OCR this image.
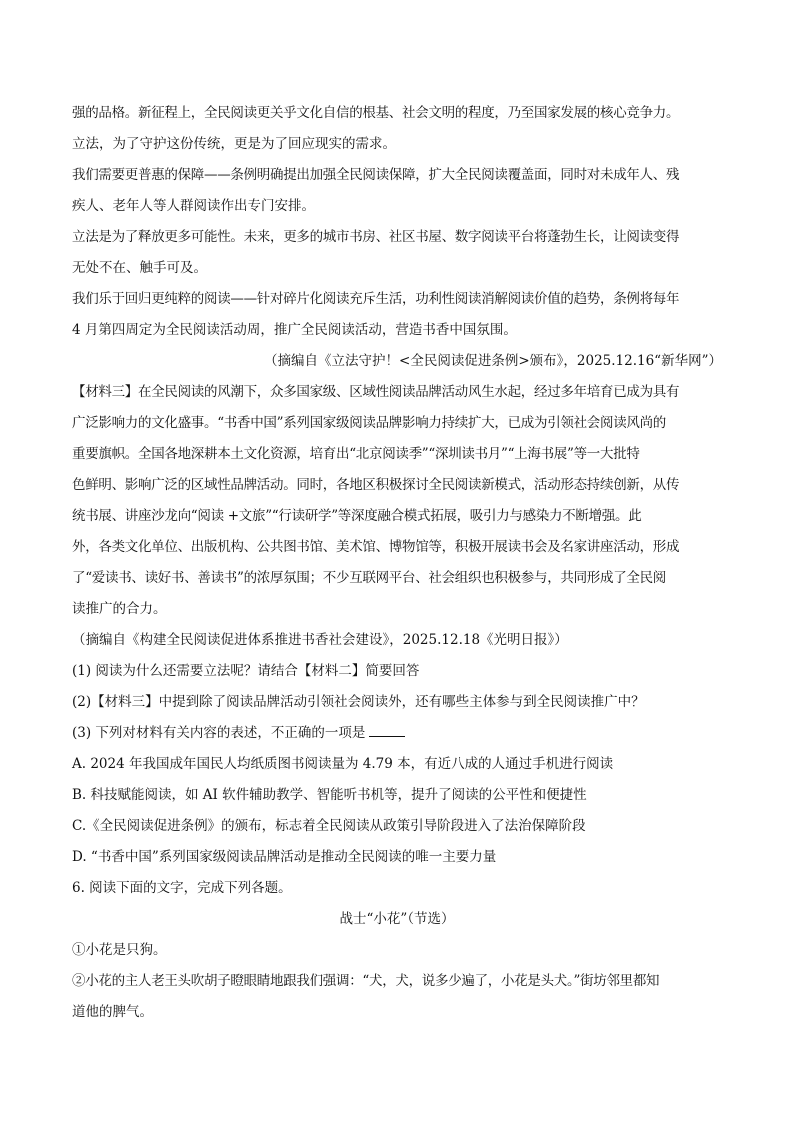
强的品格。新征程上，全民阅读更关乎文化自信的根基、社会文明的程度，乃至国家发展的核心竞争力。
立法，为了守护这份传统，更是为了回应现实的需求。
我们需要更普惠的保障——条例明确提出加强全民阅读保障，扩大全民阅读覆盖面，同时对未成年人、残
疾人、老年人等人群阅读作出专门安排。
立法是为了释放更多可能性。未来，更多的城市书房、社区书屋、数字阅读平台将蓬勃生长，让阅读变得
无处不在、触手可及。
我们乐于回归更纯粹的阅读——针对碎片化阅读充斥生活，功利性阅读消解阅读价值的趋势，条例将每年
4 月第四周定为全民阅读活动周，推广全民阅读活动，营造书香中国氛围。
（摘编自《立法守护！<全民阅读促进条例>颁布》，2025.12.16“新华网”）
【材料三】在全民阅读的风潮下，众多国家级、区域性阅读品牌活动风生水起，经过多年培育已成为具有
广泛影响力的文化盛事。“书香中国”系列国家级阅读品牌影响力持续扩大，已成为引领社会阅读风尚的
重要旗帜。全国各地深耕本土文化资源，培育出“北京阅读季”“深圳读书月”“上海书展”等一大批特
色鲜明、影响广泛的区域性品牌活动。同时，各地区积极探讨全民阅读新模式，活动形态持续创新，从传
统书展、讲座沙龙向“阅读 +文旅”“行读研学”等深度融合模式拓展，吸引力与感染力不断增强。此
外，各类文化单位、出版机构、公共图书馆、美术馆、博物馆等，积极开展读书会及名家讲座活动，形成
了“爱读书、读好书、善读书”的浓厚氛围；不少互联网平台、社会组织也积极参与，共同形成了全民阅
读推广的合力。
（摘编自《构建全民阅读促进体系推进书香社会建设》，2025.12.18《光明日报》）
(1) 阅读为什么还需要立法呢？请结合【材料二】简要回答
(2)【材料三】中提到除了阅读品牌活动引领社会阅读外，还有哪些主体参与到全民阅读推广中？
(3) 下列对材料有关内容的表述，不正确的一项是
A. 2024 年我国成年国民人均纸质图书阅读量为 4.79 本，有近八成的人通过手机进行阅读
B. 科技赋能阅读，如 AI 软件辅助教学、智能听书机等，提升了阅读的公平性和便捷性
C.《全民阅读促进条例》的颁布，标志着全民阅读从政策引导阶段进入了法治保障阶段
D. “书香中国”系列国家级阅读品牌活动是推动全民阅读的唯一主要力量
6. 阅读下面的文字，完成下列各题。
战士“小花”（节选）
①小花是只狗。
②小花的主人老王头吹胡子瞪眼睛地跟我们强调：“犬，犬，说多少遍了，小花是头犬。”街坊邻里都知
道他的脾气。
